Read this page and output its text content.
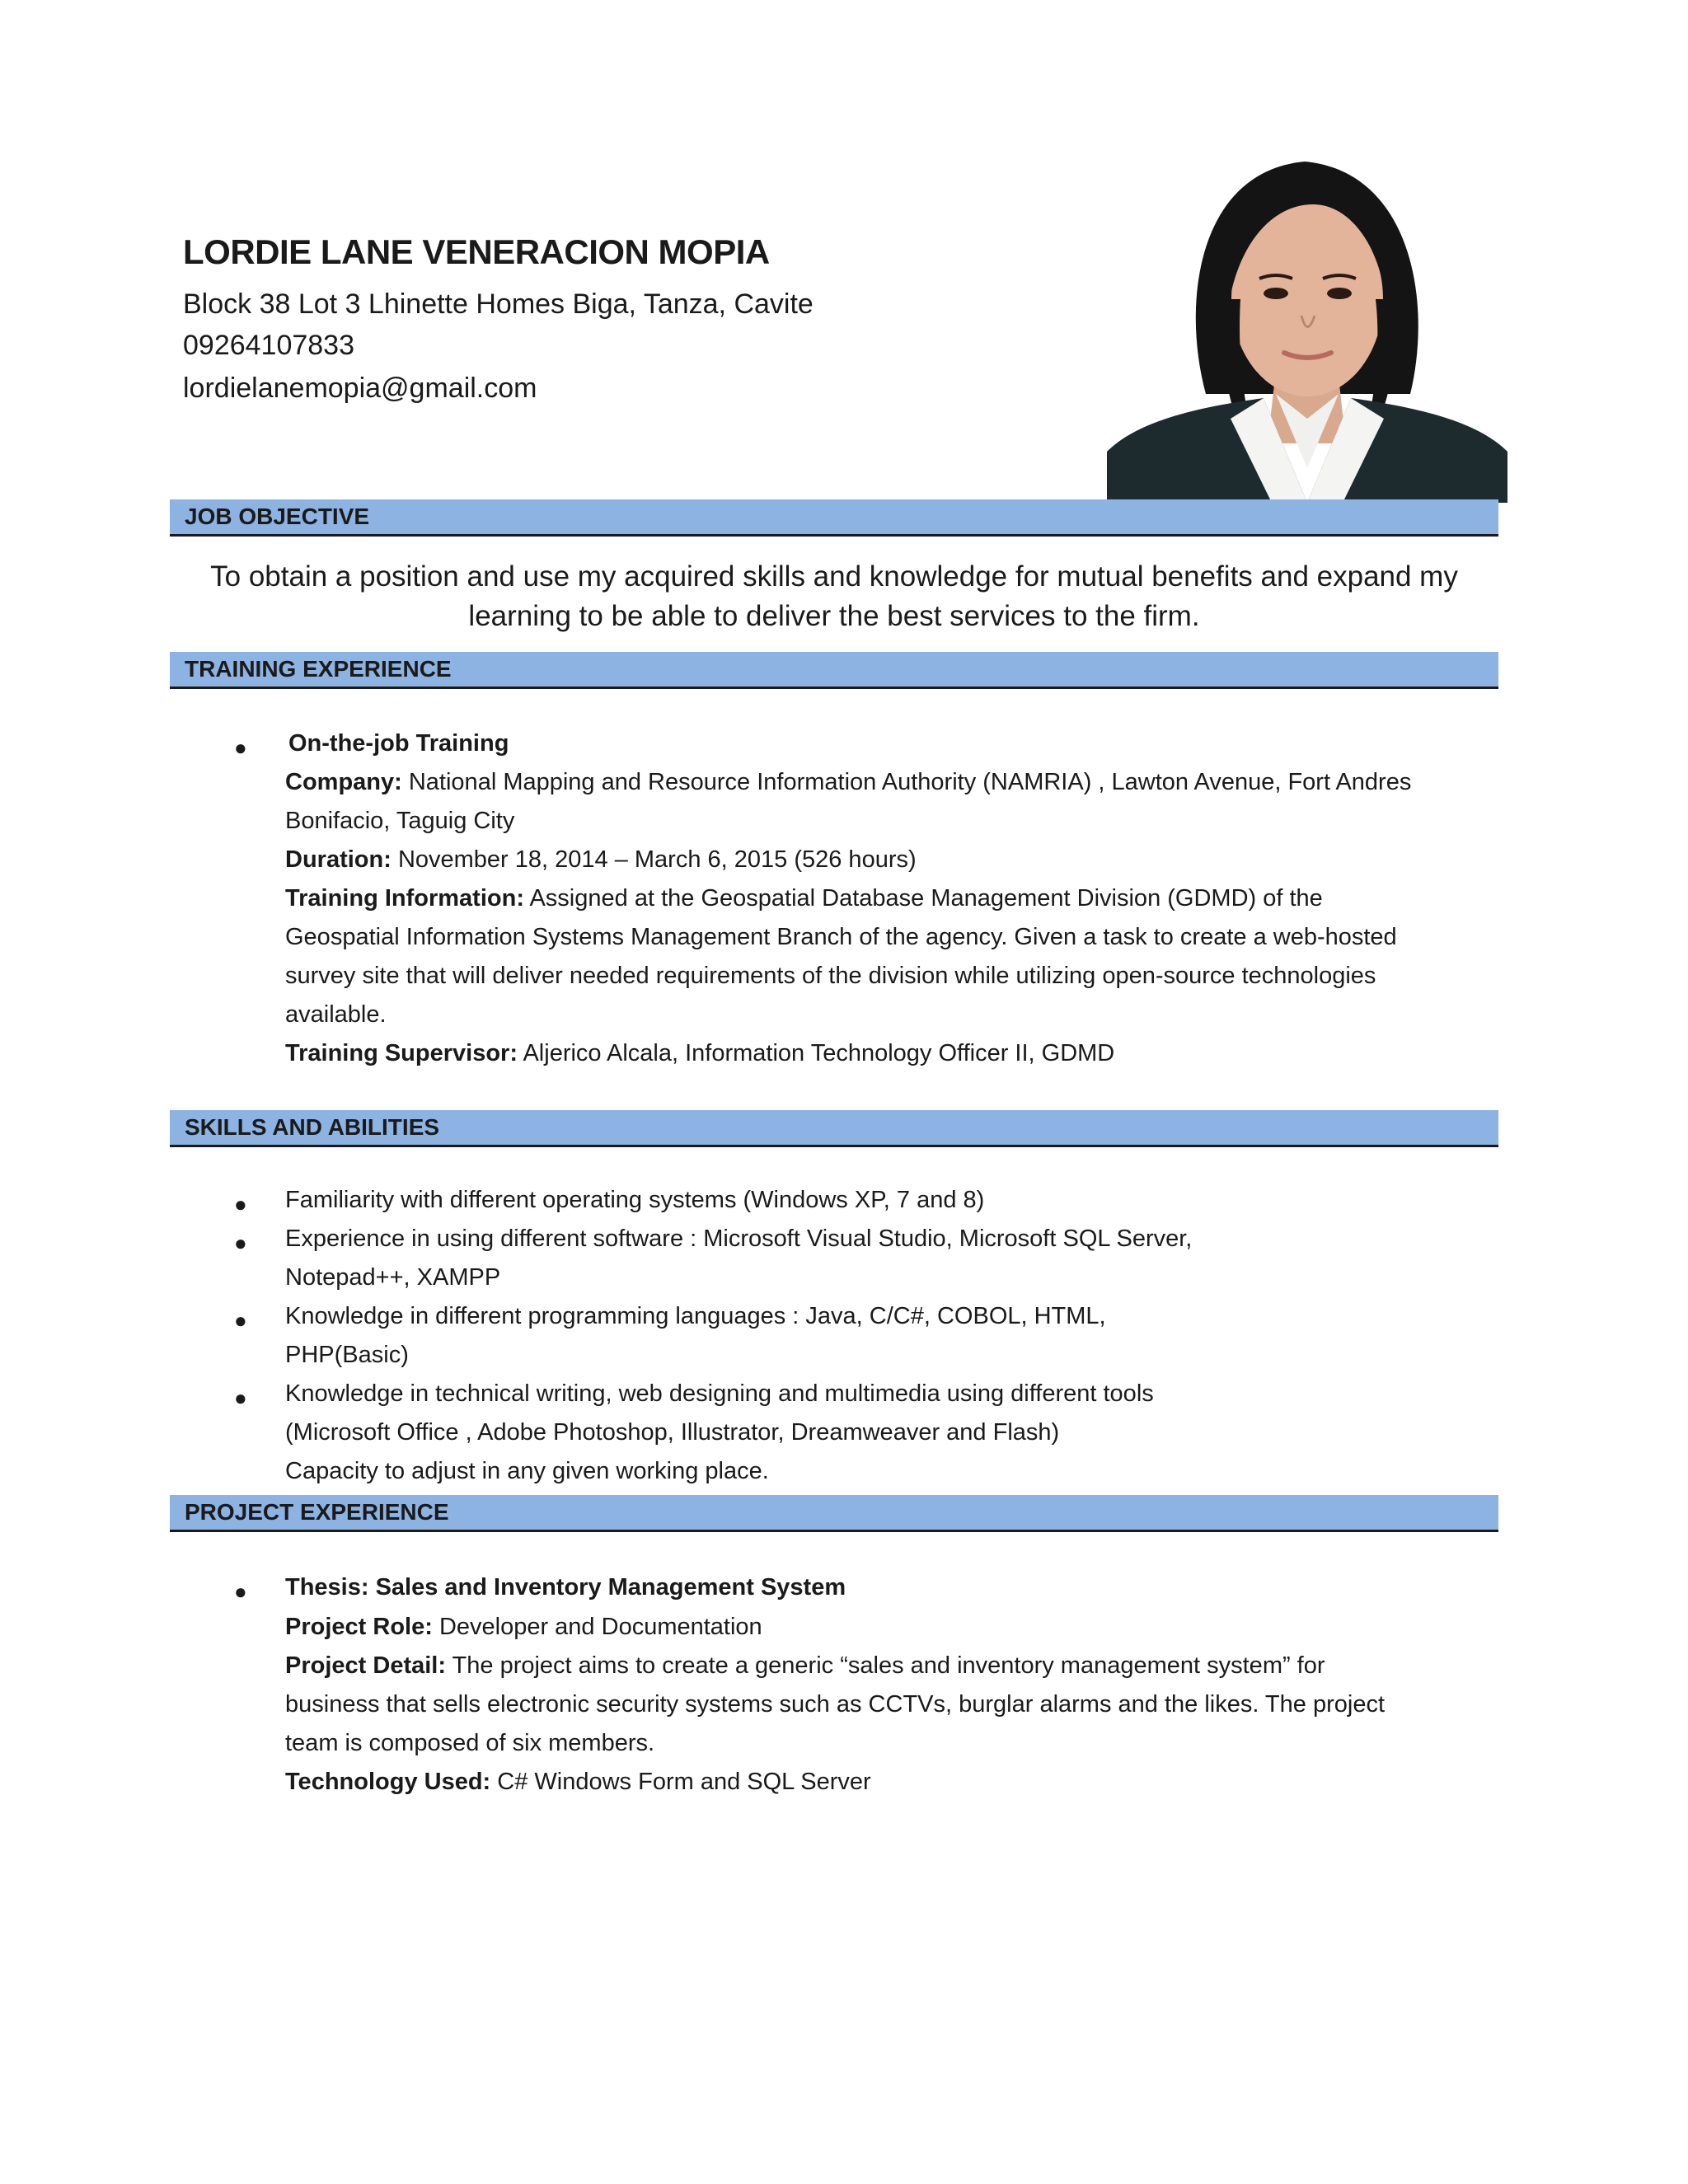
LORDIE LANE VENERACION MOPIA
Block 38 Lot 3 Lhinette Homes Biga, Tanza, Cavite
09264107833
lordielanemopia@gmail.com
JOB OBJECTIVE
To obtain a position and use my acquired skills and knowledge for mutual benefits and expand my learning to be able to deliver the best services to the firm.
TRAINING EXPERIENCE
● On-the-job Training
Company: National Mapping and Resource Information Authority (NAMRIA) , Lawton Avenue, Fort Andres
Bonifacio, Taguig City
Duration: November 18, 2014 – March 6, 2015 (526 hours)
Training Information: Assigned at the Geospatial Database Management Division (GDMD) of the
Geospatial Information Systems Management Branch of the agency. Given a task to create a web-hosted
survey site that will deliver needed requirements of the division while utilizing open-source technologies
available.
Training Supervisor: Aljerico Alcala, Information Technology Officer II, GDMD
SKILLS AND ABILITIES
● Familiarity with different operating systems (Windows XP, 7 and 8)
● Experience in using different software : Microsoft Visual Studio, Microsoft SQL Server,
Notepad++, XAMPP
● Knowledge in different programming languages : Java, C/C#, COBOL, HTML,
PHP(Basic)
● Knowledge in technical writing, web designing and multimedia using different tools
(Microsoft Office , Adobe Photoshop, Illustrator, Dreamweaver and Flash)
Capacity to adjust in any given working place.
PROJECT EXPERIENCE
● Thesis: Sales and Inventory Management System
Project Role: Developer and Documentation
Project Detail: The project aims to create a generic “sales and inventory management system” for
business that sells electronic security systems such as CCTVs, burglar alarms and the likes. The project
team is composed of six members.
Technology Used: C# Windows Form and SQL Server
